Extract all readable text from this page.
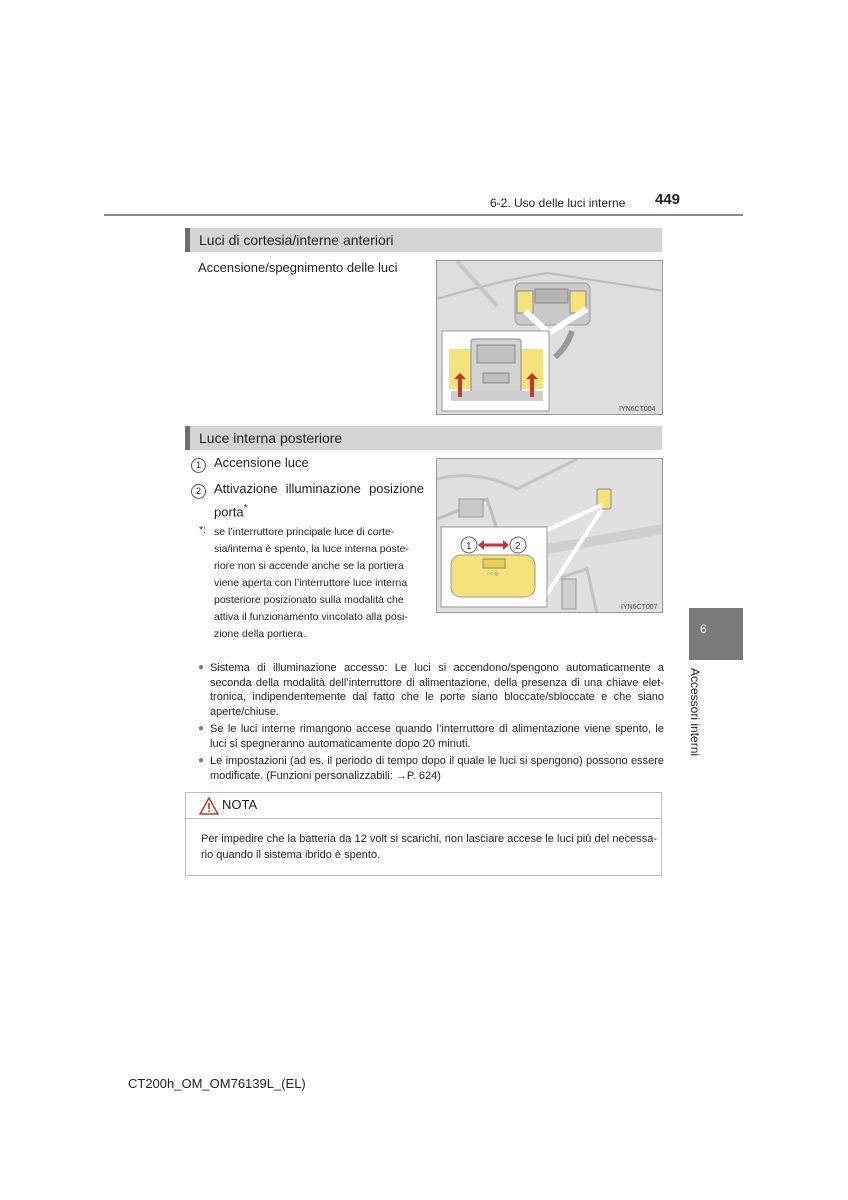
6-2. Uso delle luci interne 449
6
Accessori interni
Luci di cortesia/interne anteriori
Accensione/spegnimento delle luci
IYN6CT004
Luce interna posteriore
1	Accensione luce
2	Attivazione illuminazione posizione
porta*
*: se l’interruttore principale luce di corte-
sia/interna è spento, la luce interna poste-
riore non si accende anche se la portiera
viene aperta con l’interruttore luce interna
posteriore posizionato sulla modalità che
attiva il funzionamento vincolato alla posi-
zione della portiera.
○○ ◎
1	2
IYN6CT007
● Sistema di illuminazione accesso: Le luci si accendono/spengono automaticamente a
seconda della modalità dell’interruttore di alimentazione, della presenza di una chiave elet-
tronica, indipendentemente dal fatto che le porte siano bloccate/sbloccate e che siano
aperte/chiuse.
● Se le luci interne rimangono accese quando l’interruttore di alimentazione viene spento, le
luci si spegneranno automaticamente dopo 20 minuti.
● Le impostazioni (ad es. il periodo di tempo dopo il quale le luci si spengono) possono essere
modificate. (Funzioni personalizzabili: →P. 624)
NOTA
Per impedire che la batteria da 12 volt si scarichi, non lasciare accese le luci più del necessa-
rio quando il sistema ibrido è spento.
CT200h_OM_OM76139L_(EL)
